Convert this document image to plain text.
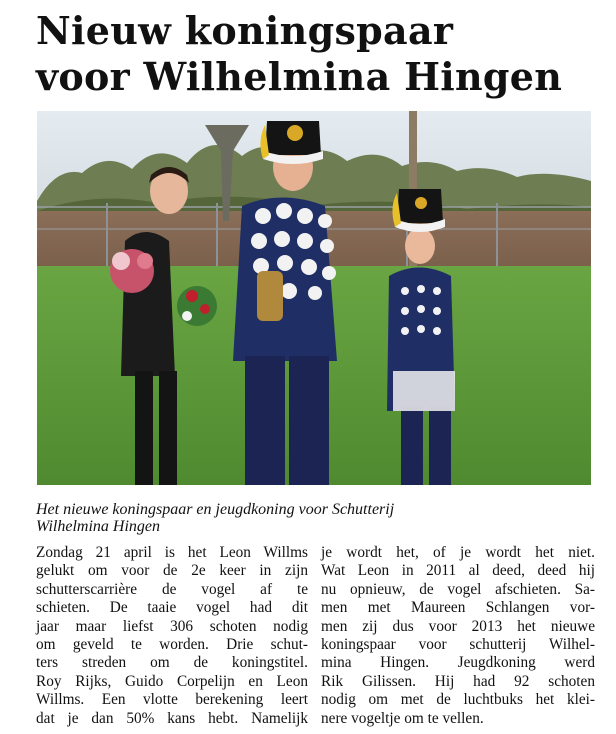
Nieuw koningspaar
voor Wilhelmina Hingen

Het nieuwe koningspaar en jeugdkoning voor Schutterij
Wilhelmina Hingen

Zondag 21 april is het Leon Willms
gelukt om voor de 2e keer in zijn
schutterscarrière de vogel af te
schieten. De taaie vogel had dit
jaar maar liefst 306 schoten nodig
om geveld te worden. Drie schut-
ters streden om de koningstitel.
Roy Rijks, Guido Corpelijn en Leon
Willms. Een vlotte berekening leert
dat je dan 50% kans hebt. Namelijk
je wordt het, of je wordt het niet.
Wat Leon in 2011 al deed, deed hij
nu opnieuw, de vogel afschieten. Sa-
men met Maureen Schlangen vor-
men zij dus voor 2013 het nieuwe
koningspaar voor schutterij Wilhel-
mina Hingen. Jeugdkoning werd
Rik Gilissen. Hij had 92 schoten
nodig om met de luchtbuks het klei-
nere vogeltje om te vellen.
